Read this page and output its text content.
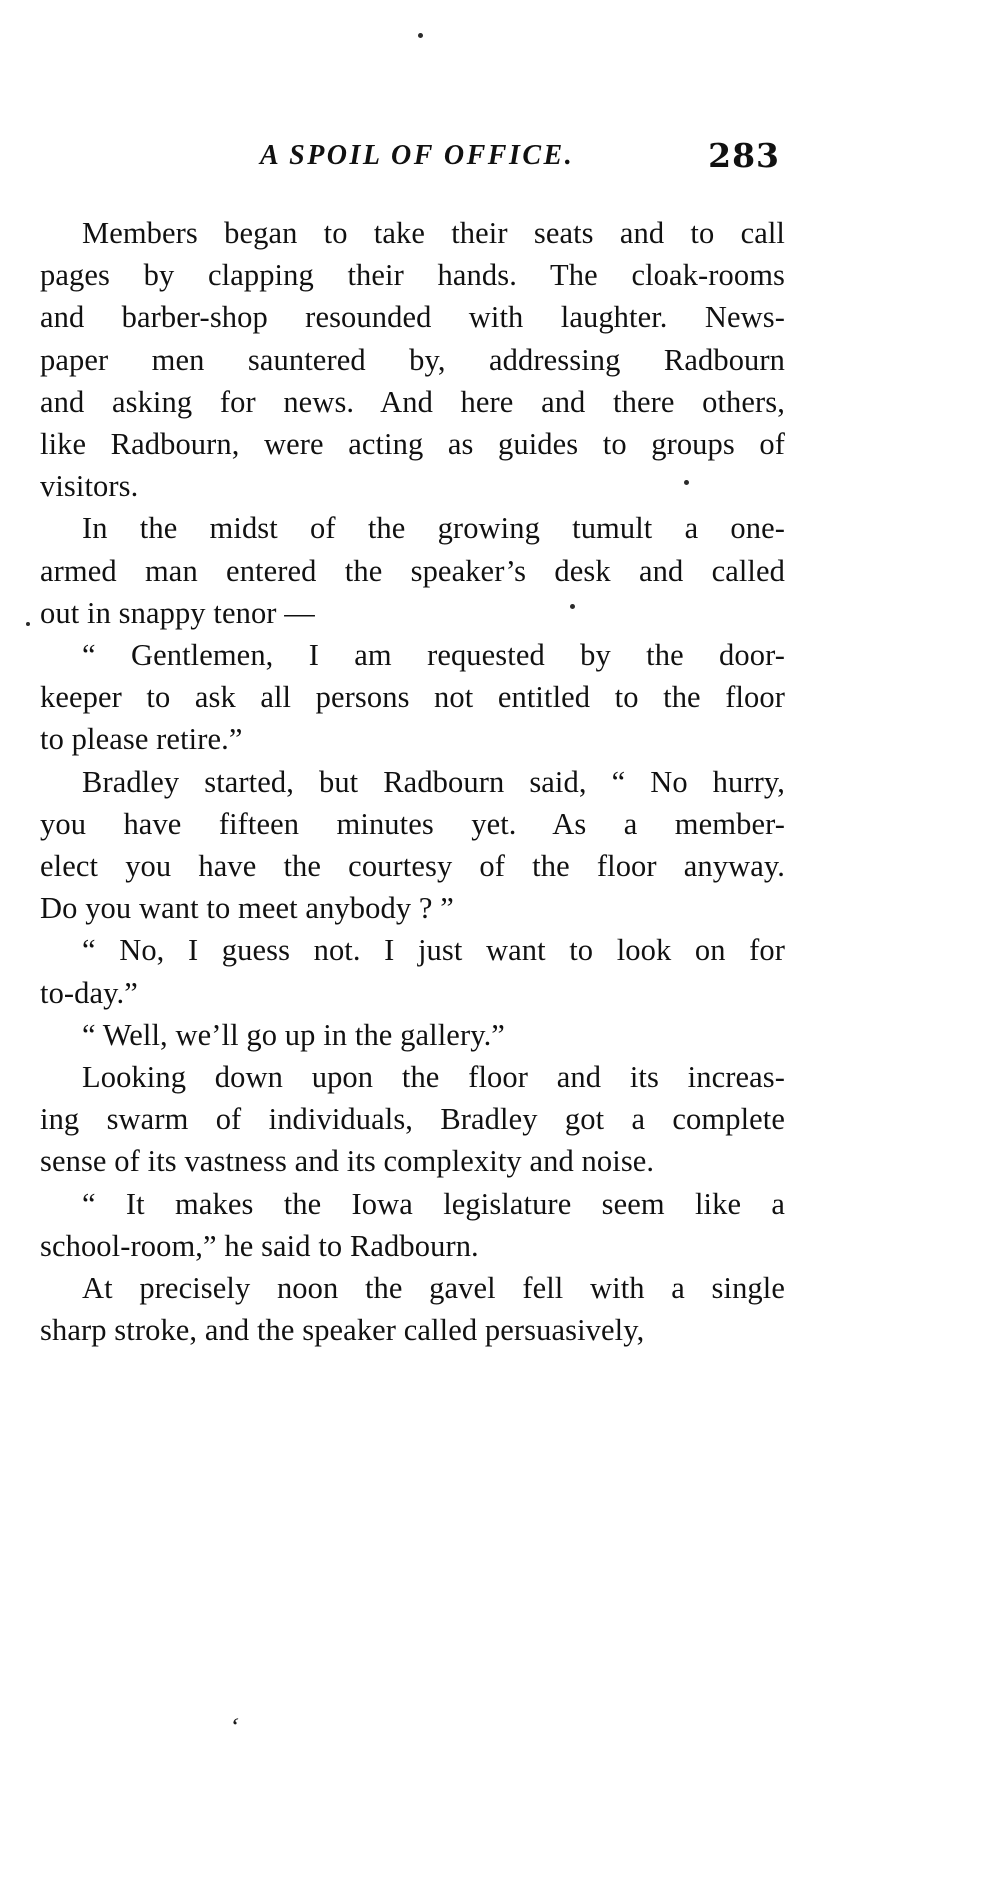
A SPOIL OF OFFICE.	283

Members began to take their seats and to call
pages by clapping their hands. The cloak-rooms
and barber-shop resounded with laughter. News-
paper men sauntered by, addressing Radbourn
and asking for news. And here and there others,
like Radbourn, were acting as guides to groups of
visitors.

In the midst of the growing tumult a one-
armed man entered the speaker’s desk and called
out in snappy tenor —

“ Gentlemen, I am requested by the door-
keeper to ask all persons not entitled to the floor
to please retire.”

Bradley started, but Radbourn said, “ No hurry,
you have fifteen minutes yet. As a member-
elect you have the courtesy of the floor anyway.
Do you want to meet anybody ? ”

“ No, I guess not. I just want to look on for
to-day.”

“ Well, we’ll go up in the gallery.”

Looking down upon the floor and its increas-
ing swarm of individuals, Bradley got a complete
sense of its vastness and its complexity and noise.

“ It makes the Iowa legislature seem like a
school-room,” he said to Radbourn.

At precisely noon the gavel fell with a single
sharp stroke, and the speaker called persuasively,

‘
